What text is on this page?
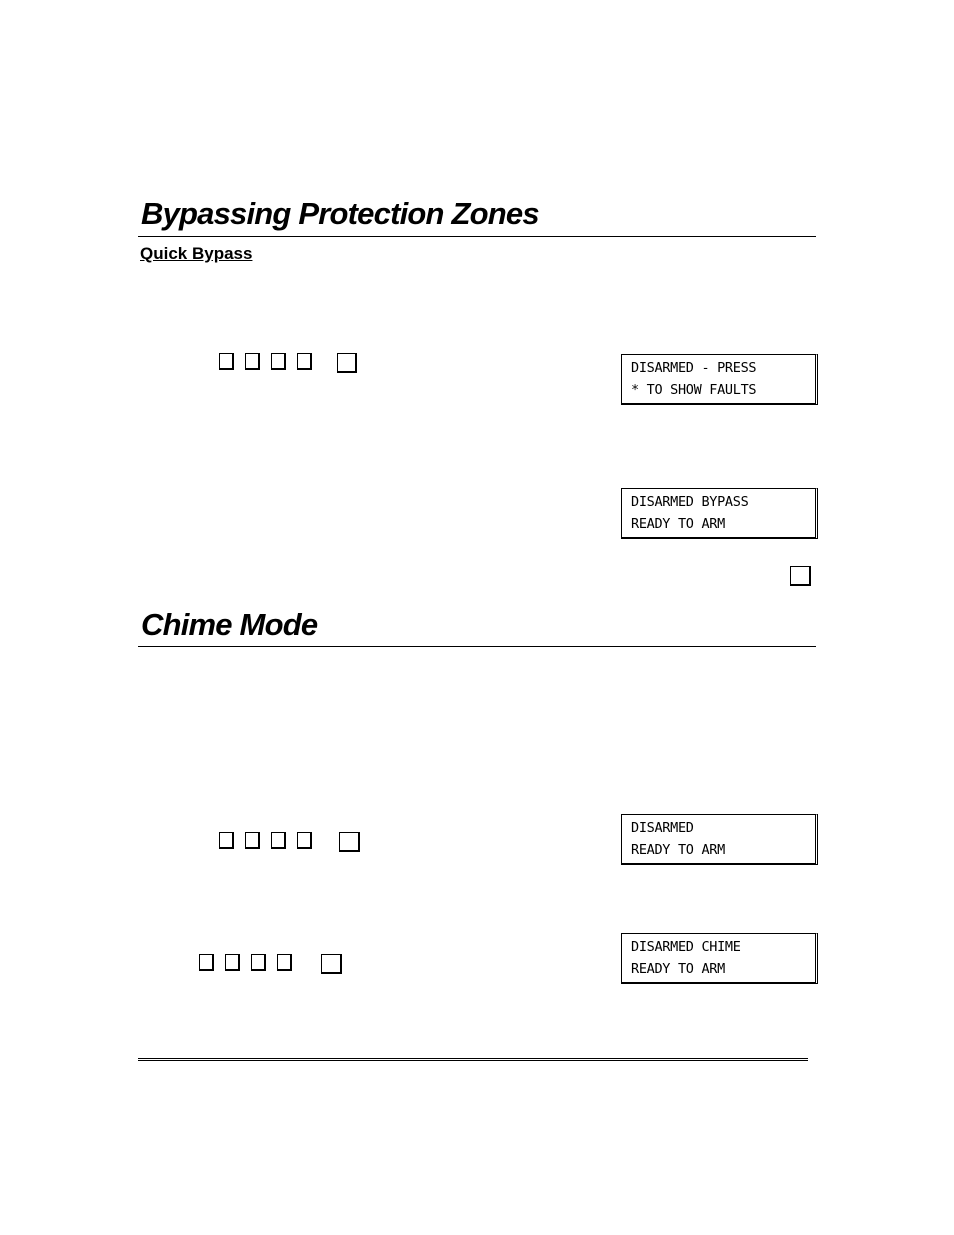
Bypassing Protection Zones
Quick Bypass
DISARMED - PRESS
* TO SHOW FAULTS
DISARMED BYPASS
READY TO ARM
Chime Mode
DISARMED
READY TO ARM
DISARMED CHIME
READY TO ARM
